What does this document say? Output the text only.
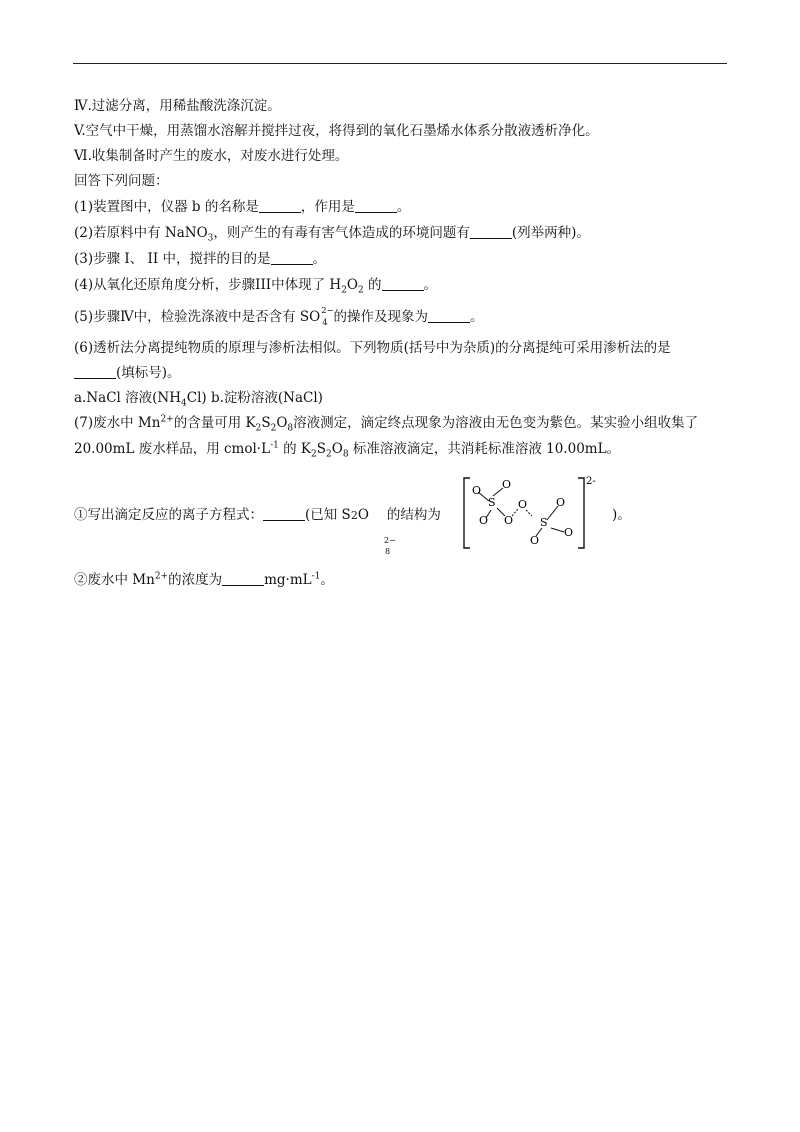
Ⅳ.过滤分离，用稀盐酸洗涤沉淀。
V.空气中干燥，用蒸馏水溶解并搅拌过夜，将得到的氧化石墨烯水体系分散液透析净化。
Ⅵ.收集制备时产生的废水，对废水进行处理。
回答下列问题：
(1)装置图中，仪器 b 的名称是	，作用是	。
(2)若原料中有 NaNO$_3$，则产生的有毒有害气体造成的环境问题有	(列举两种)。
(3)步骤 I、 II 中，搅拌的目的是	。
(4)从氧化还原角度分析，步骤III中体现了 $H_2O_2$ 的	。
(5)步骤Ⅳ中，检验洗涤液中是否含有 SO 2−
4 的操作及现象为	。
(6)透析法分离提纯物质的原理与渗析法相似。下列物质(括号中为杂质)的分离提纯可采用渗析法的是
(填标号)。
a.NaCl 溶液$(NH_4Cl)$ b.淀粉溶液(NaCl)
(7)废水中 $Mn^{2+}$的含量可用 $K_2S_2O_8$溶液测定，滴定终点现象为溶液由无色变为紫色。某实验小组收集了
20.00mL 废水样品，用 $cmol\cdot L^{-1}$ 的 $K_2S_2O_8$ 标准溶液滴定，共消耗标准溶液 10.00mL。
①写出滴定反应的离子方程式：	(已知 S2O 的结构为
2−
8
O
S
O
O O
O
S
O
O
O
2-
)。
②废水中 $Mn^{2+}$的浓度为	$mg\cdot mL^{-1}$。
